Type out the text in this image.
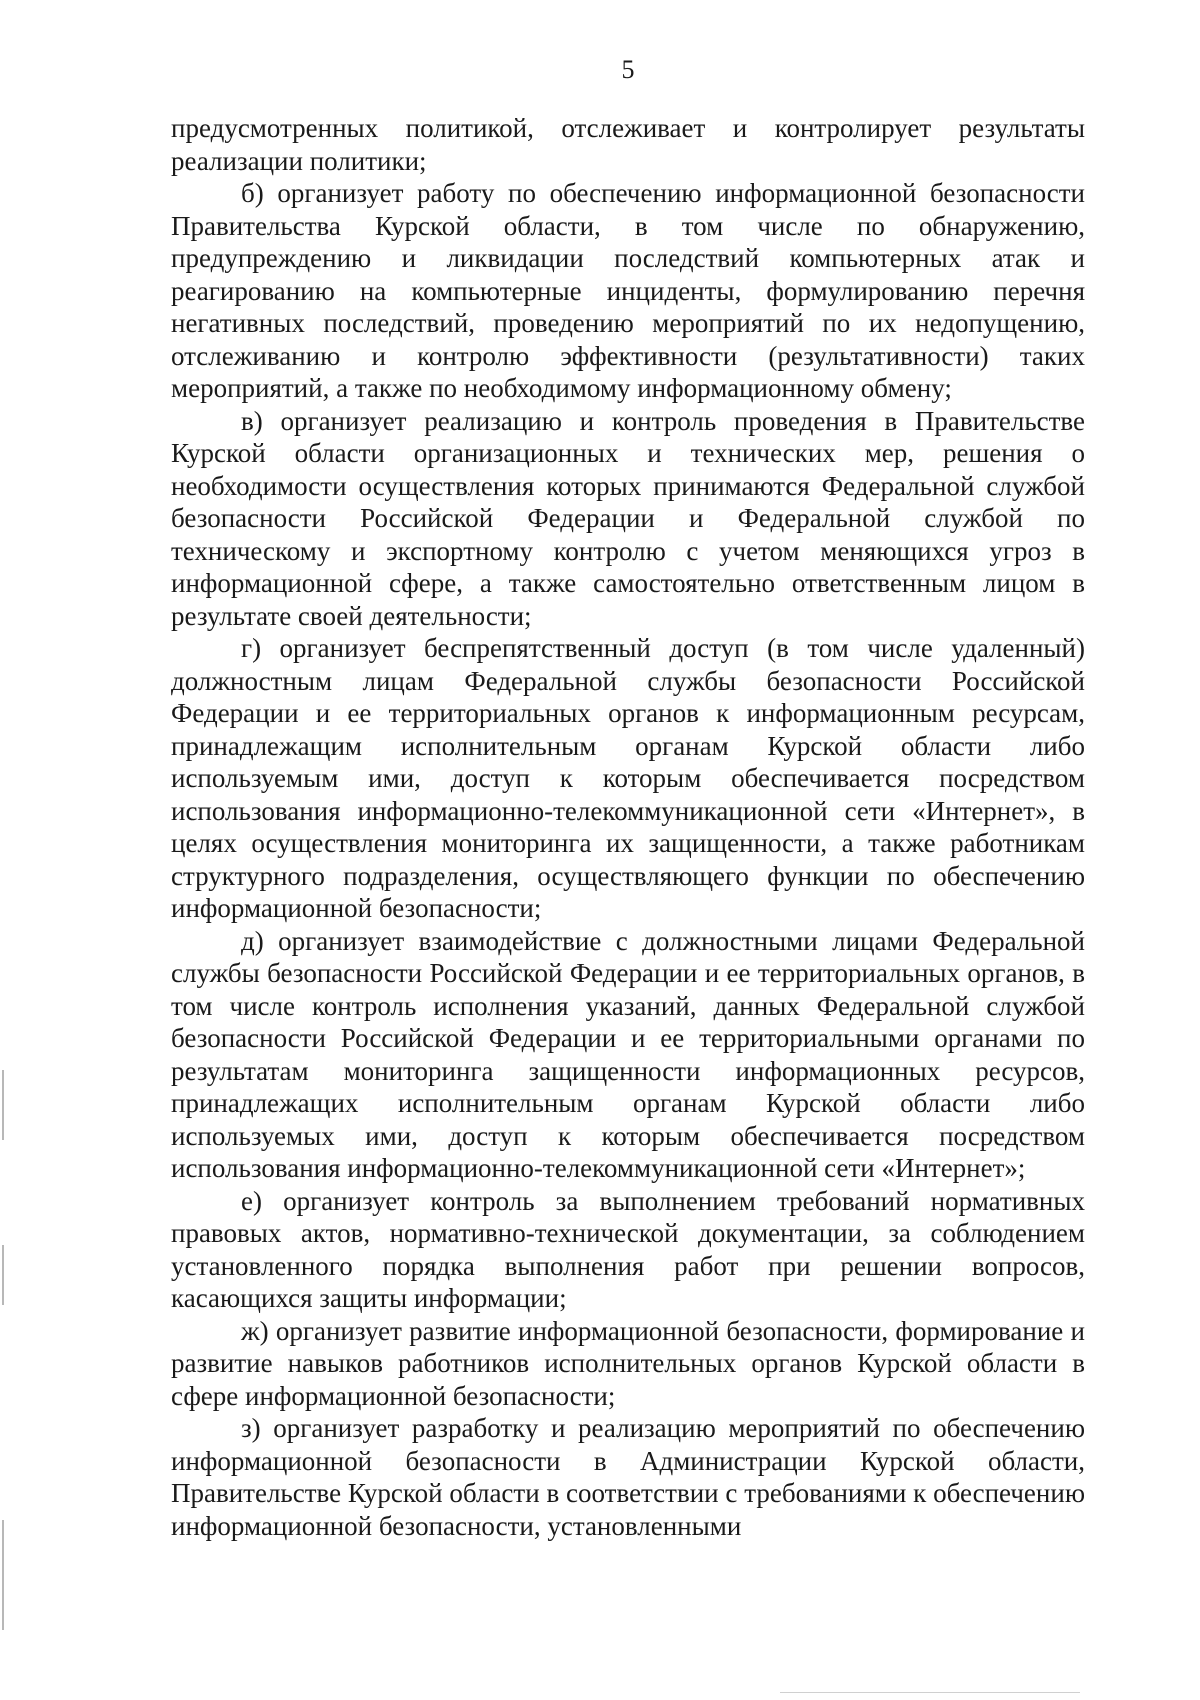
5

предусмотренных политикой, отслеживает и контролирует результаты реализации политики;

б) организует работу по обеспечению информационной безопасности Правительства Курской области, в том числе по обнаружению, предупреждению и ликвидации последствий компьютерных атак и реагированию на компьютерные инциденты, формулированию перечня негативных последствий, проведению мероприятий по их недопущению, отслеживанию и контролю эффективности (результативности) таких мероприятий, а также по необходимому информационному обмену;

в) организует реализацию и контроль проведения в Правительстве Курской области организационных и технических мер, решения о необходимости осуществления которых принимаются Федеральной службой безопасности Российской Федерации и Федеральной службой по техническому и экспортному контролю с учетом меняющихся угроз в информационной сфере, а также самостоятельно ответственным лицом в результате своей деятельности;

г) организует беспрепятственный доступ (в том числе удаленный) должностным лицам Федеральной службы безопасности Российской Федерации и ее территориальных органов к информационным ресурсам, принадлежащим исполнительным органам Курской области либо используемым ими, доступ к которым обеспечивается посредством использования информационно-телекоммуникационной сети «Интернет», в целях осуществления мониторинга их защищенности, а также работникам структурного подразделения, осуществляющего функции по обеспечению информационной безопасности;

д) организует взаимодействие с должностными лицами Федеральной службы безопасности Российской Федерации и ее территориальных органов, в том числе контроль исполнения указаний, данных Федеральной службой безопасности Российской Федерации и ее территориальными органами по результатам мониторинга защищенности информационных ресурсов, принадлежащих исполнительным органам Курской области либо используемых ими, доступ к которым обеспечивается посредством использования информационно-телекоммуникационной сети «Интернет»;

е) организует контроль за выполнением требований нормативных правовых актов, нормативно-технической документации, за соблюдением установленного порядка выполнения работ при решении вопросов, касающихся защиты информации;

ж) организует развитие информационной безопасности, формирование и развитие навыков работников исполнительных органов Курской области в сфере информационной безопасности;

з) организует разработку и реализацию мероприятий по обеспечению информационной безопасности в Администрации Курской области, Правительстве Курской области в соответствии с требованиями к обеспечению информационной безопасности, установленными
